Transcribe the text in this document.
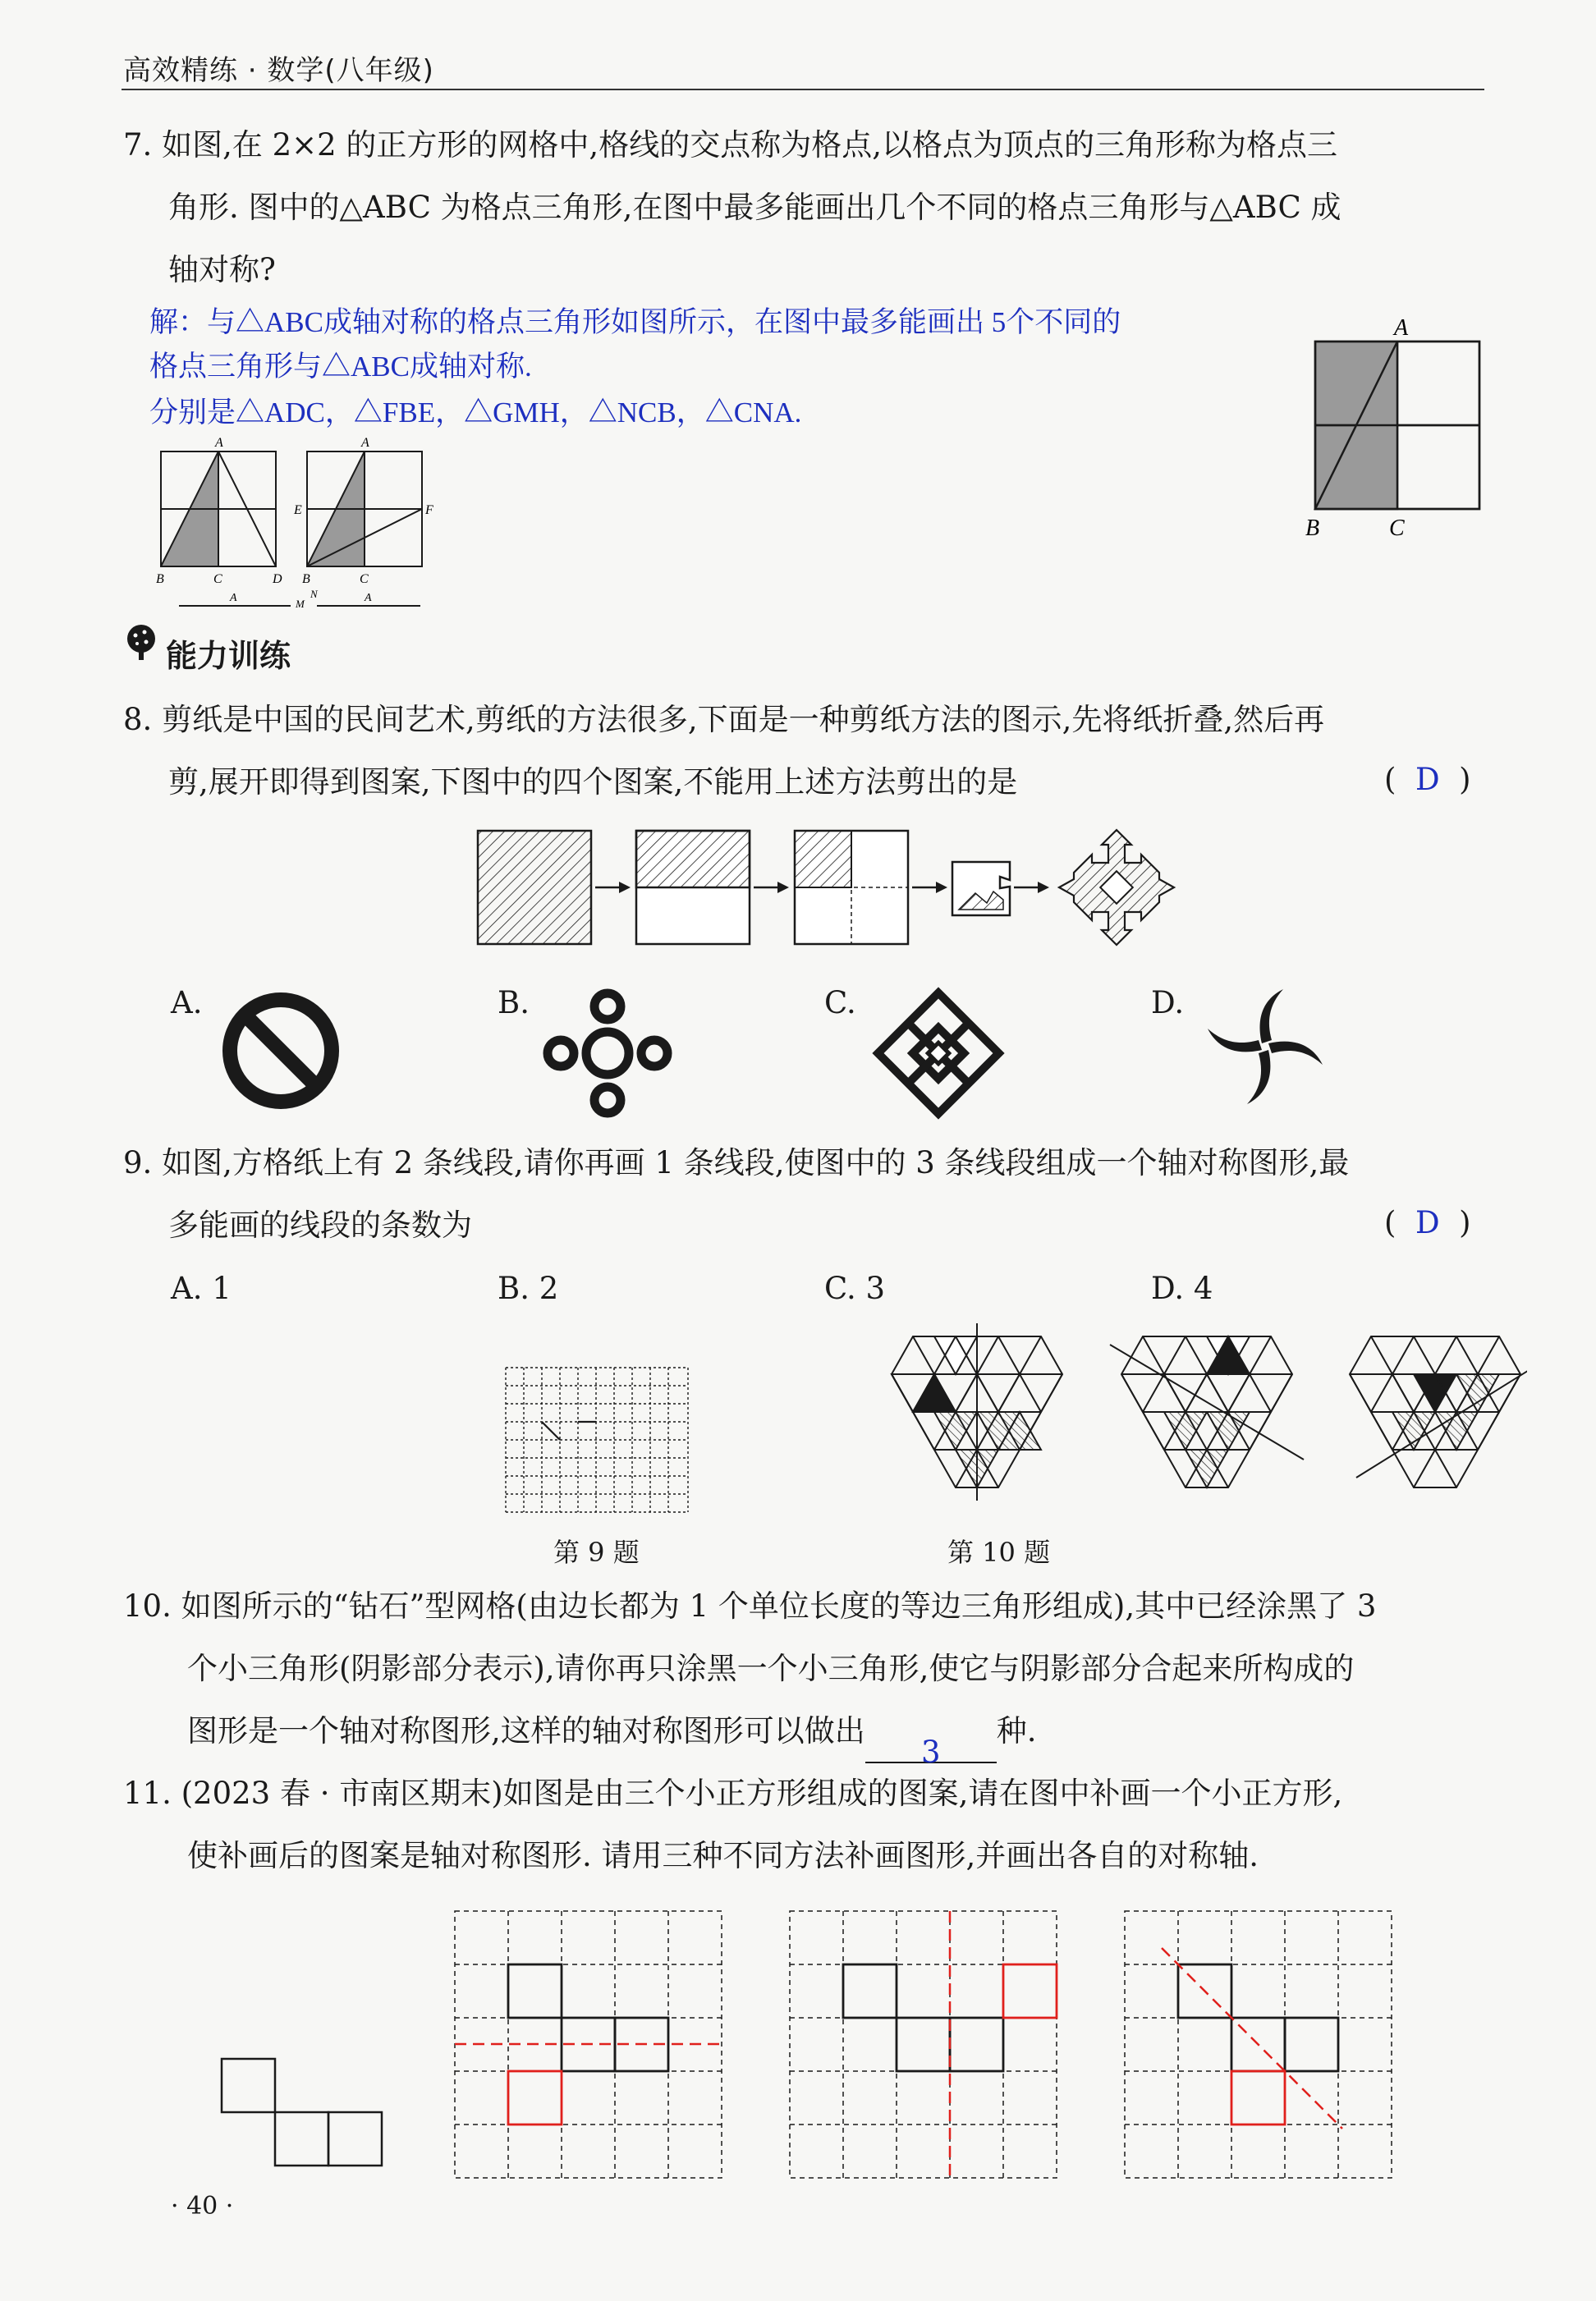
高效精练 · 数学(八年级)
7. 如图,在 2×2 的正方形的网格中,格线的交点称为格点,以格点为顶点的三角形称为格点三
角形. 图中的△ABC 为格点三角形,在图中最多能画出几个不同的格点三角形与△ABC 成
轴对称?
解：与△ABC成轴对称的格点三角形如图所示，在图中最多能画出 5个不同的
格点三角形与△ABC成轴对称.
分别是△ADC，△FBE，△GMH，△NCB，△CNA.
A
B	C
A
B	C	D
A
E	F
B	C
A	A
N
M
能力训练
8. 剪纸是中国的民间艺术,剪纸的方法很多,下面是一种剪纸方法的图示,先将纸折叠,然后再
剪,展开即得到图案,下图中的四个图案,不能用上述方法剪出的是	( D )
A.	B.	C.	D.
9. 如图,方格纸上有 2 条线段,请你再画 1 条线段,使图中的 3 条线段组成一个轴对称图形,最
多能画的线段的条数为	( D )
A. 1	B. 2	C. 3	D. 4
第 9 题	第 10 题
10. 如图所示的“钻石”型网格(由边长都为 1 个单位长度的等边三角形组成),其中已经涂黑了 3
个小三角形(阴影部分表示),请你再只涂黑一个小三角形,使它与阴影部分合起来所构成的
图形是一个轴对称图形,这样的轴对称图形可以做出
3
种.
11. (2023 春 · 市南区期末)如图是由三个小正方形组成的图案,请在图中补画一个小正方形,
使补画后的图案是轴对称图形. 请用三种不同方法补画图形,并画出各自的对称轴.
· 40 ·
